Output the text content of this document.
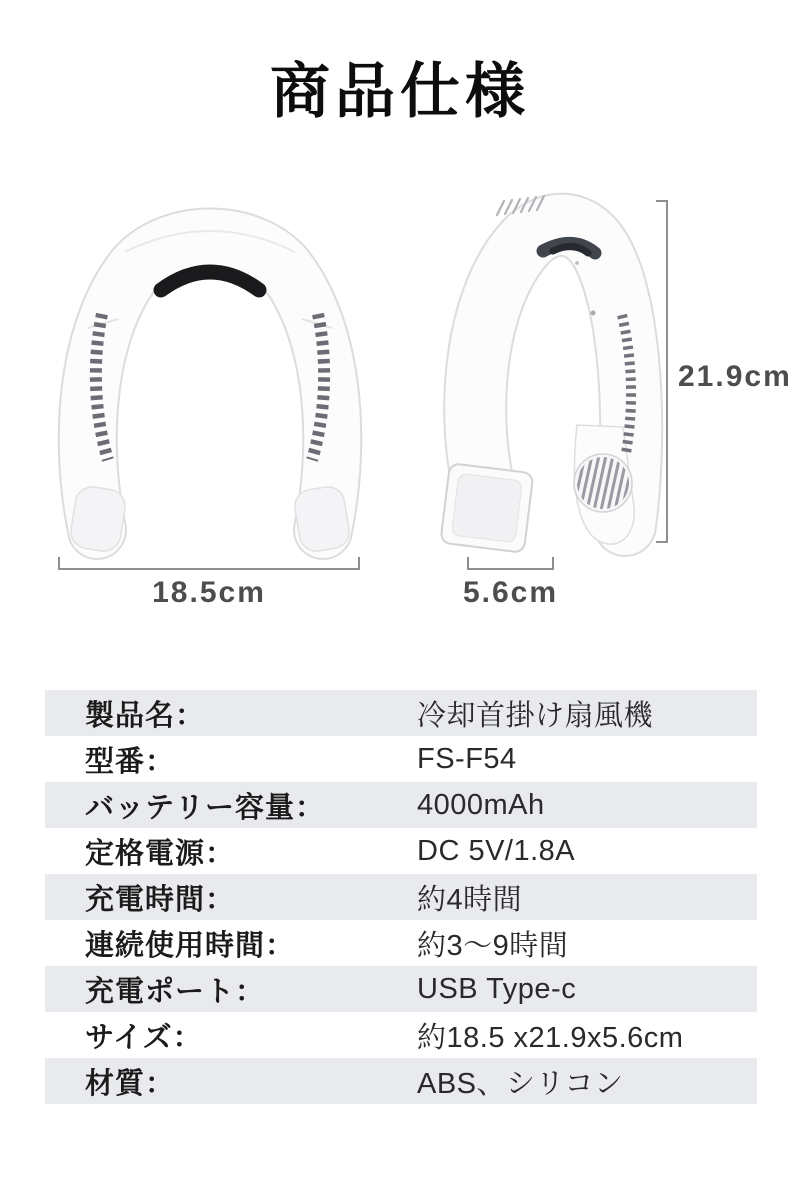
商品仕様
18.5cm	5.6cm
21.9cm
製品名：	冷却首掛け扇風機
型番：	FS-F54
バッテリー容量：	4000mAh
定格電源：	DC 5V/1.8A
充電時間：	約4時間
連続使用時間：	約3〜9時間
充電ポート：	USB Type-c
サイズ：	約18.5 x21.9x5.6cm
材質：	ABS、シリコン
